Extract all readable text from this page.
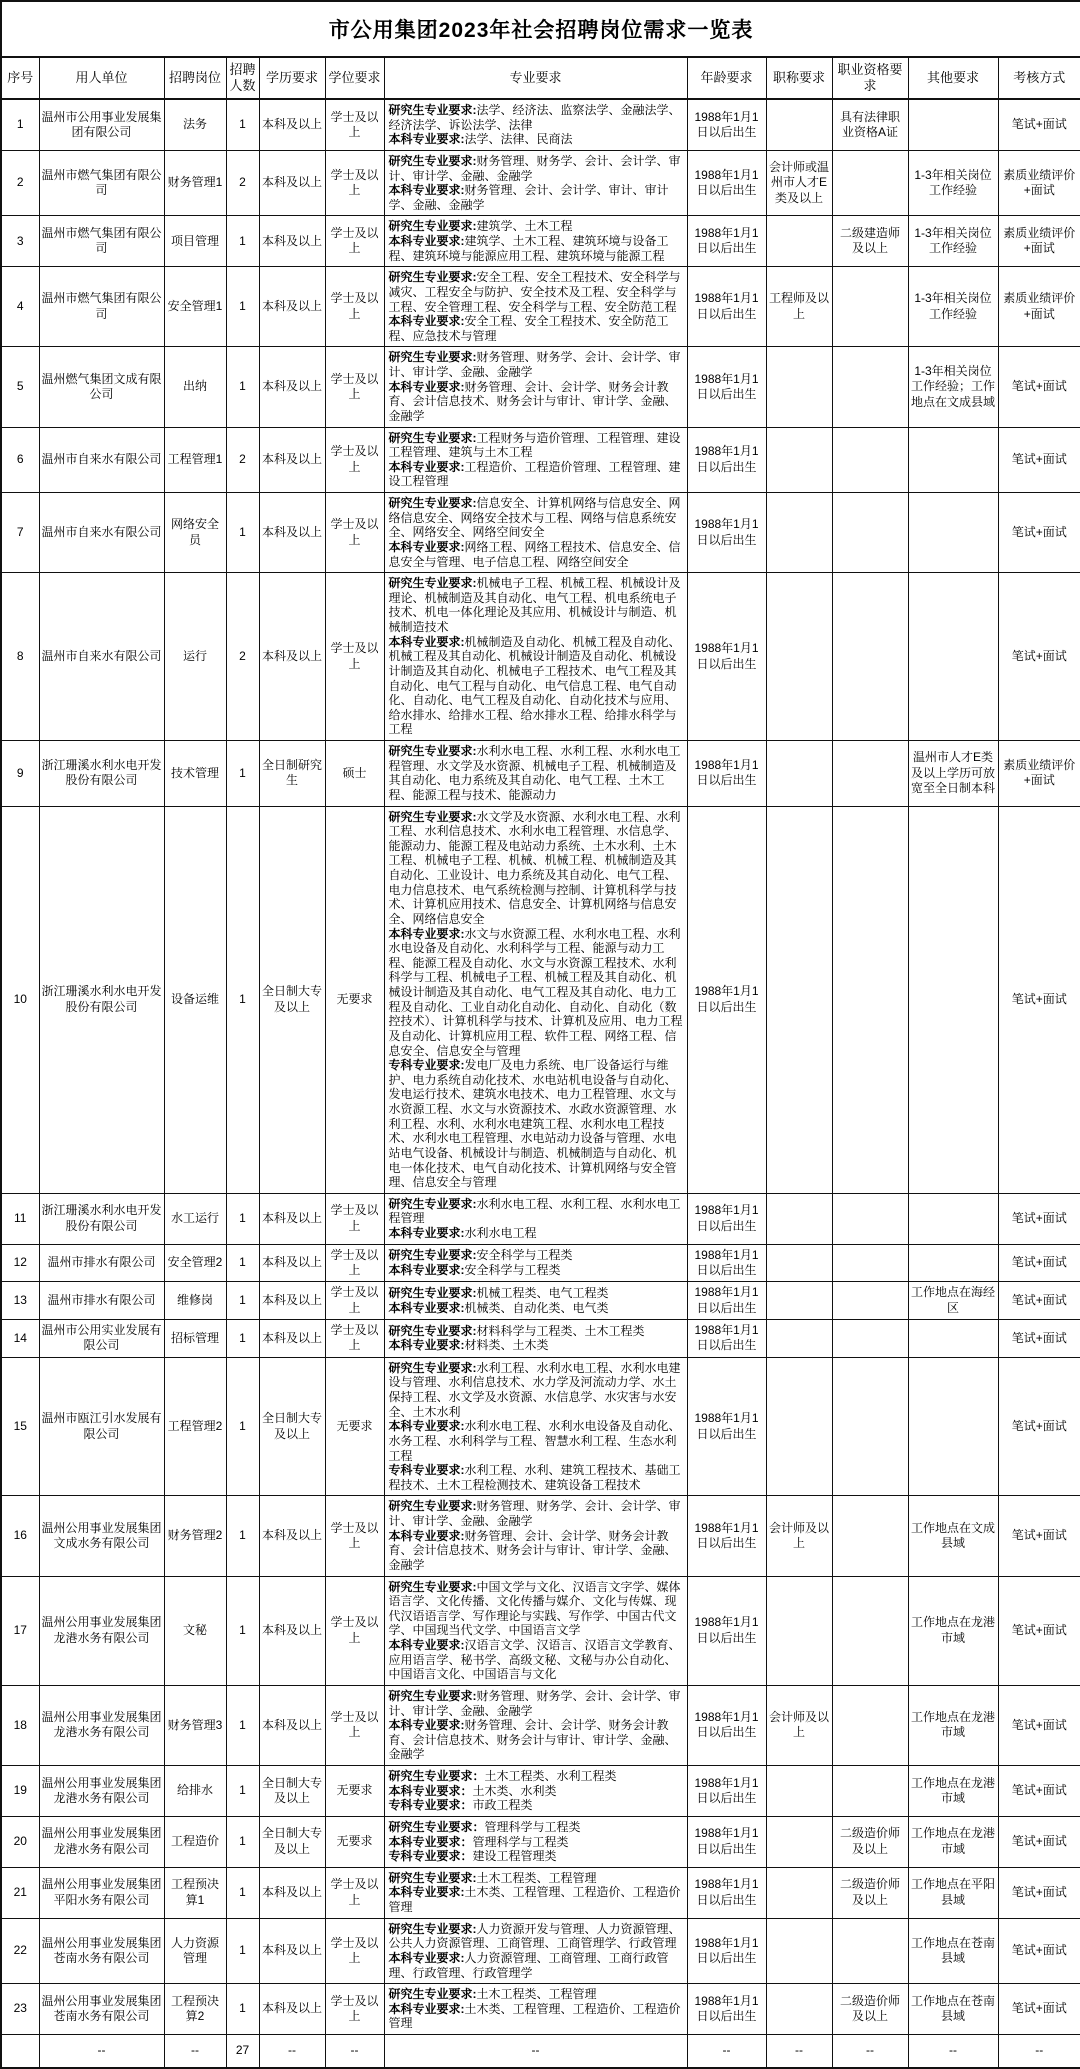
市公用集团2023年社会招聘岗位需求一览表											
序号	用人单位	招聘岗位	招聘人数	学历要求	学位要求	专业要求	年龄要求	职称要求	职业资格要求	其他要求	考核方式
1	温州市公用事业发展集团有限公司	法务	1	本科及以上	学士及以上	研究生专业要求:法学、经济法、监察法学、金融法学、经济法学、诉讼法学、法律
本科专业要求:法学、法律、民商法	1988年1月1日以后出生		具有法律职业资格A证		笔试+面试
2	温州市燃气集团有限公司	财务管理1	2	本科及以上	学士及以上	研究生专业要求:财务管理、财务学、会计、会计学、审计、审计学、金融、金融学
本科专业要求:财务管理、会计、会计学、审计、审计学、金融、金融学	1988年1月1日以后出生	会计师或温州市人才E类及以上		1-3年相关岗位工作经验	素质业绩评价+面试
3	温州市燃气集团有限公司	项目管理	1	本科及以上	学士及以上	研究生专业要求:建筑学、土木工程
本科专业要求:建筑学、土木工程、建筑环境与设备工程、建筑环境与能源应用工程、建筑环境与能源工程	1988年1月1日以后出生		二级建造师及以上	1-3年相关岗位工作经验	素质业绩评价+面试
4	温州市燃气集团有限公司	安全管理1	1	本科及以上	学士及以上	研究生专业要求:安全工程、安全工程技术、安全科学与减灾、工程安全与防护、安全技术及工程、安全科学与工程、安全管理工程、安全科学与工程、安全防范工程
本科专业要求:安全工程、安全工程技术、安全防范工程、应急技术与管理	1988年1月1日以后出生	工程师及以上		1-3年相关岗位工作经验	素质业绩评价+面试
5	温州燃气集团文成有限公司	出纳	1	本科及以上	学士及以上	研究生专业要求:财务管理、财务学、会计、会计学、审计、审计学、金融、金融学
本科专业要求:财务管理、会计、会计学、财务会计教育、会计信息技术、财务会计与审计、审计学、金融、金融学	1988年1月1日以后出生			1-3年相关岗位工作经验；工作地点在文成县域	笔试+面试
6	温州市自来水有限公司	工程管理1	2	本科及以上	学士及以上	研究生专业要求:工程财务与造价管理、工程管理、建设工程管理、建筑与土木工程
本科专业要求:工程造价、工程造价管理、工程管理、建设工程管理	1988年1月1日以后出生				笔试+面试
7	温州市自来水有限公司	网络安全员	1	本科及以上	学士及以上	研究生专业要求:信息安全、计算机网络与信息安全、网络信息安全、网络安全技术与工程、网络与信息系统安全、网络安全、网络空间安全
本科专业要求:网络工程、网络工程技术、信息安全、信息安全与管理、电子信息工程、网络空间安全	1988年1月1日以后出生				笔试+面试
8	温州市自来水有限公司	运行	2	本科及以上	学士及以上	研究生专业要求:机械电子工程、机械工程、机械设计及理论、机械制造及其自动化、电气工程、机电系统电子技术、机电一体化理论及其应用、机械设计与制造、机械制造技术
本科专业要求:机械制造及自动化、机械工程及自动化、机械工程及其自动化、机械设计制造及自动化、机械设计制造及其自动化、机械电子工程技术、电气工程及其自动化、电气工程与自动化、电气信息工程、电气自动化、自动化、电气工程及自动化、自动化技术与应用、给水排水、给排水工程、给水排水工程、给排水科学与工程	1988年1月1日以后出生				笔试+面试
9	浙江珊溪水利水电开发股份有限公司	技术管理	1	全日制研究生	硕士	研究生专业要求:水利水电工程、水利工程、水利水电工程管理、水文学及水资源、机械电子工程、机械制造及其自动化、电力系统及其自动化、电气工程、土木工程、能源工程与技术、能源动力	1988年1月1日以后出生			温州市人才E类及以上学历可放宽至全日制本科	素质业绩评价+面试
10	浙江珊溪水利水电开发股份有限公司	设备运维	1	全日制大专及以上	无要求	研究生专业要求:水文学及水资源、水利水电工程、水利工程、水利信息技术、水利水电工程管理、水信息学、能源动力、能源工程及电站动力系统、土木水利、土木工程、机械电子工程、机械、机械工程、机械制造及其自动化、工业设计、电力系统及其自动化、电气工程、电力信息技术、电气系统检测与控制、计算机科学与技术、计算机应用技术、信息安全、计算机网络与信息安全、网络信息安全
本科专业要求:水文与水资源工程、水利水电工程、水利水电设备及自动化、水利科学与工程、能源与动力工程、能源工程及自动化、水文与水资源工程技术、水利科学与工程、机械电子工程、机械工程及其自动化、机械设计制造及其自动化、电气工程及其自动化、电力工程及自动化、工业自动化自动化、自动化、自动化（数控技术）、计算机科学与技术、计算机及应用、电力工程及自动化、计算机应用工程、软件工程、网络工程、信息安全、信息安全与管理
专科专业要求:发电厂及电力系统、电厂设备运行与维护、电力系统自动化技术、水电站机电设备与自动化、发电运行技术、建筑水电技术、电力工程管理、水文与水资源工程、水文与水资源技术、水政水资源管理、水利工程、水利、水利水电建筑工程、水利水电工程技术、水利水电工程管理、水电站动力设备与管理、水电站电气设备、机械设计与制造、机械制造与自动化、机电一体化技术、电气自动化技术、计算机网络与安全管理、信息安全与管理	1988年1月1日以后出生				笔试+面试
11	浙江珊溪水利水电开发股份有限公司	水工运行	1	本科及以上	学士及以上	研究生专业要求:水利水电工程、水利工程、水利水电工程管理
本科专业要求:水利水电工程	1988年1月1日以后出生				笔试+面试
12	温州市排水有限公司	安全管理2	1	本科及以上	学士及以上	研究生专业要求:安全科学与工程类
本科专业要求:安全科学与工程类	1988年1月1日以后出生				笔试+面试
13	温州市排水有限公司	维修岗	1	本科及以上	学士及以上	研究生专业要求:机械工程类、电气工程类
本科专业要求:机械类、自动化类、电气类	1988年1月1日以后出生			工作地点在海经区	笔试+面试
14	温州市公用实业发展有限公司	招标管理	1	本科及以上	学士及以上	研究生专业要求:材料科学与工程类、土木工程类
本科专业要求:材料类、土木类	1988年1月1日以后出生				笔试+面试
15	温州市瓯江引水发展有限公司	工程管理2	1	全日制大专及以上	无要求	研究生专业要求:水利工程、水利水电工程、水利水电建设与管理、水利信息技术、水力学及河流动力学、水土保持工程、水文学及水资源、水信息学、水灾害与水安全、土木水利
本科专业要求:水利水电工程、水利水电设备及自动化、水务工程、水利科学与工程、智慧水利工程、生态水利工程
专科专业要求:水利工程、水利、建筑工程技术、基础工程技术、土木工程检测技术、建筑设备工程技术	1988年1月1日以后出生				笔试+面试
16	温州公用事业发展集团文成水务有限公司	财务管理2	1	本科及以上	学士及以上	研究生专业要求:财务管理、财务学、会计、会计学、审计、审计学、金融、金融学
本科专业要求:财务管理、会计、会计学、财务会计教育、会计信息技术、财务会计与审计、审计学、金融、金融学	1988年1月1日以后出生	会计师及以上		工作地点在文成县域	笔试+面试
17	温州公用事业发展集团龙港水务有限公司	文秘	1	本科及以上	学士及以上	研究生专业要求:中国文学与文化、汉语言文字学、媒体语言学、文化传播、文化传播与媒介、文化与传媒、现代汉语语言学、写作理论与实践、写作学、中国古代文学、中国现当代文学、中国语言文学
本科专业要求:汉语言文学、汉语言、汉语言文学教育、应用语言学、秘书学、高级文秘、文秘与办公自动化、中国语言文化、中国语言与文化	1988年1月1日以后出生			工作地点在龙港市域	笔试+面试
18	温州公用事业发展集团龙港水务有限公司	财务管理3	1	本科及以上	学士及以上	研究生专业要求:财务管理、财务学、会计、会计学、审计、审计学、金融、金融学
本科专业要求:财务管理、会计、会计学、财务会计教育、会计信息技术、财务会计与审计、审计学、金融、金融学	1988年1月1日以后出生	会计师及以上		工作地点在龙港市域	笔试+面试
19	温州公用事业发展集团龙港水务有限公司	给排水	1	全日制大专及以上	无要求	研究生专业要求：土木工程类、水利工程类
本科专业要求：土木类、水利类
专科专业要求：市政工程类	1988年1月1日以后出生			工作地点在龙港市域	笔试+面试
20	温州公用事业发展集团龙港水务有限公司	工程造价	1	全日制大专及以上	无要求	研究生专业要求：管理科学与工程类
本科专业要求：管理科学与工程类
专科专业要求：建设工程管理类	1988年1月1日以后出生		二级造价师及以上	工作地点在龙港市域	笔试+面试
21	温州公用事业发展集团平阳水务有限公司	工程预决算1	1	本科及以上	学士及以上	研究生专业要求:土木工程类、工程管理
本科专业要求:土木类、工程管理、工程造价、工程造价管理	1988年1月1日以后出生		二级造价师及以上	工作地点在平阳县域	笔试+面试
22	温州公用事业发展集团苍南水务有限公司	人力资源管理	1	本科及以上	学士及以上	研究生专业要求:人力资源开发与管理、人力资源管理、公共人力资源管理、工商管理、工商管理学、行政管理
本科专业要求:人力资源管理、工商管理、工商行政管理、行政管理、行政管理学	1988年1月1日以后出生			工作地点在苍南县域	笔试+面试
23	温州公用事业发展集团苍南水务有限公司	工程预决算2	1	本科及以上	学士及以上	研究生专业要求:土木工程类、工程管理
本科专业要求:土木类、工程管理、工程造价、工程造价管理	1988年1月1日以后出生		二级造价师及以上	工作地点在苍南县域	笔试+面试
	--	--	27	--	--	--	--	--	--	--	--
